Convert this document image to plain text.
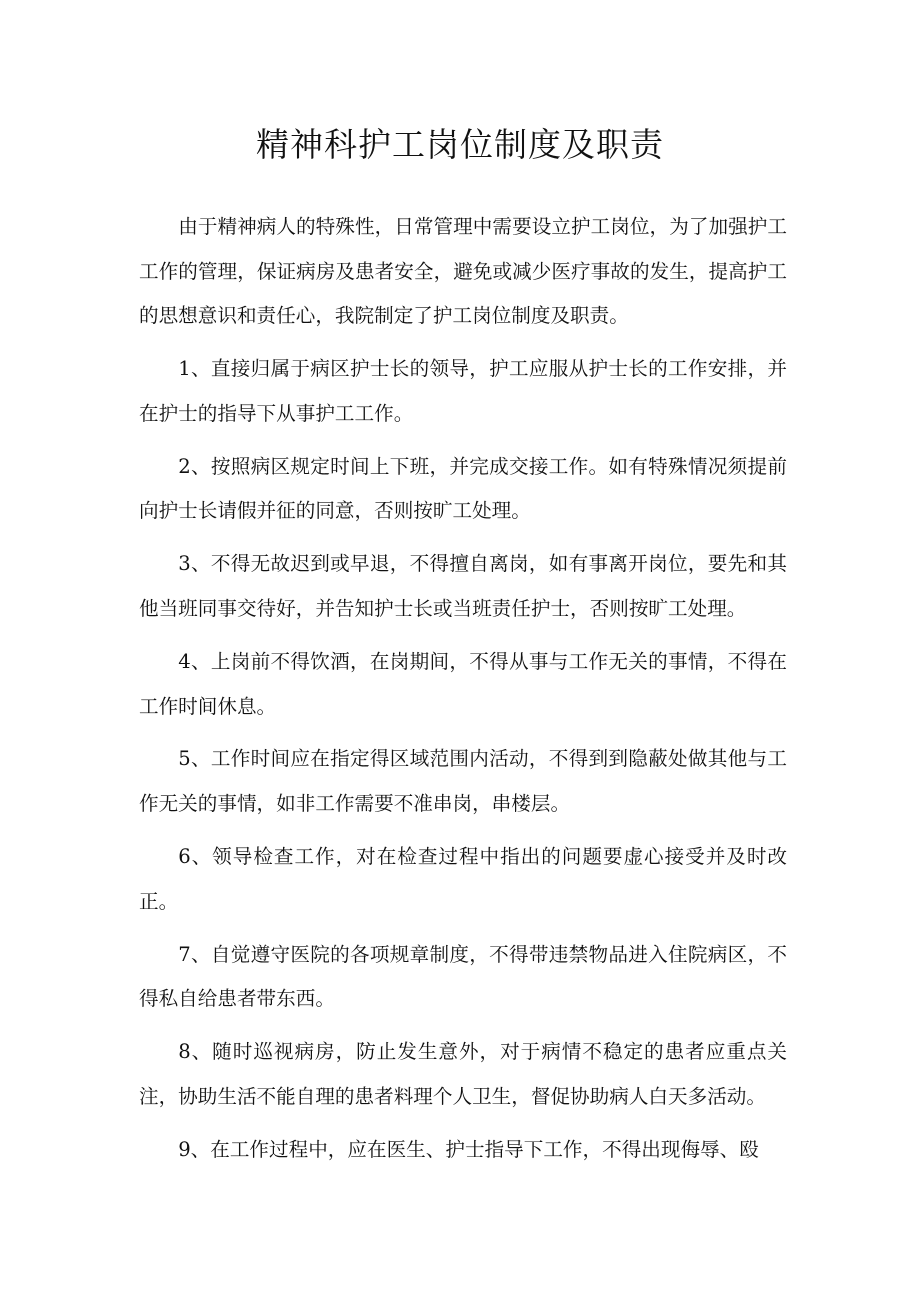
精神科护工岗位制度及职责

由于精神病人的特殊性，日常管理中需要设立护工岗位，为了加强护工工作的管理，保证病房及患者安全，避免或减少医疗事故的发生，提高护工的思想意识和责任心，我院制定了护工岗位制度及职责。

1、直接归属于病区护士长的领导，护工应服从护士长的工作安排，并在护士的指导下从事护工工作。

2、按照病区规定时间上下班，并完成交接工作。如有特殊情况须提前向护士长请假并征的同意，否则按旷工处理。

3、不得无故迟到或早退，不得擅自离岗，如有事离开岗位，要先和其他当班同事交待好，并告知护士长或当班责任护士，否则按旷工处理。

4、上岗前不得饮酒，在岗期间，不得从事与工作无关的事情，不得在工作时间休息。

5、工作时间应在指定得区域范围内活动，不得到到隐蔽处做其他与工作无关的事情，如非工作需要不准串岗，串楼层。

6、领导检查工作，对在检查过程中指出的问题要虚心接受并及时改正。

7、自觉遵守医院的各项规章制度，不得带违禁物品进入住院病区，不得私自给患者带东西。

8、随时巡视病房，防止发生意外，对于病情不稳定的患者应重点关注，协助生活不能自理的患者料理个人卫生，督促协助病人白天多活动。

9、在工作过程中，应在医生、护士指导下工作，不得出现侮辱、殴
